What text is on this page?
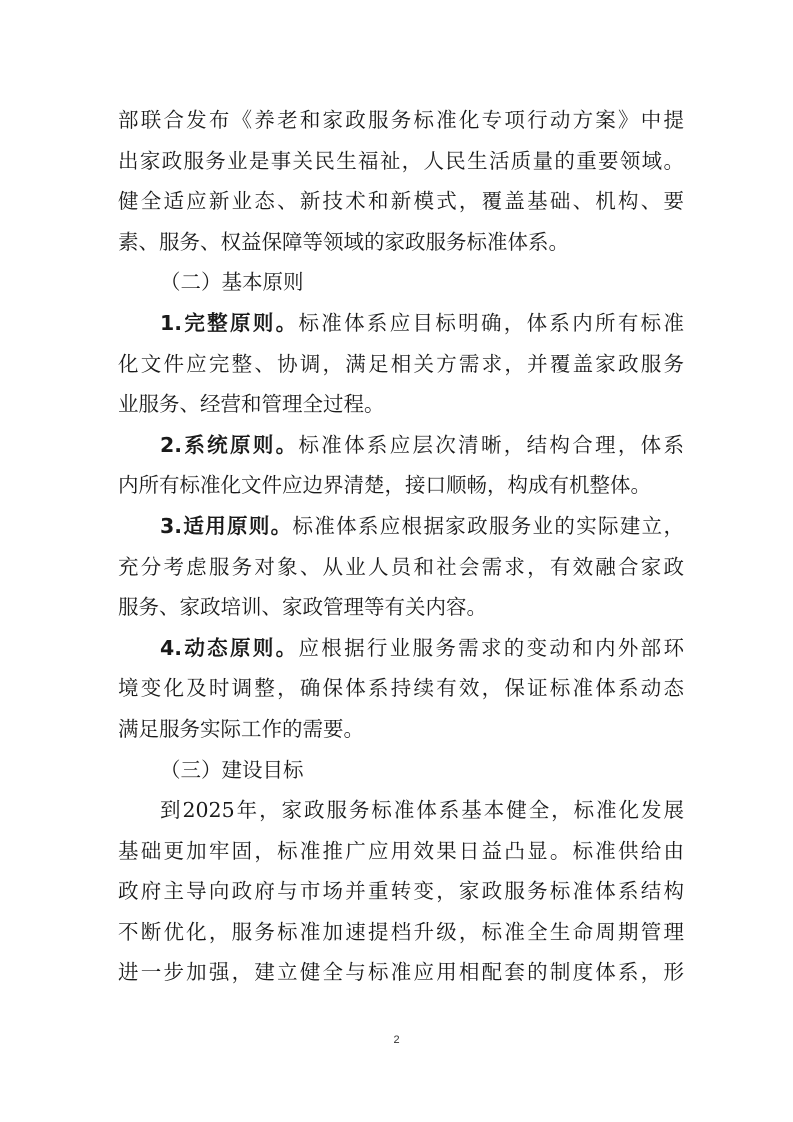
部联合发布《养老和家政服务标准化专项行动方案》中提
出家政服务业是事关民生福祉，人民生活质量的重要领域。
健全适应新业态、新技术和新模式，覆盖基础、机构、要
素、服务、权益保障等领域的家政服务标准体系。
（二）基本原则
1.完整原则。标准体系应目标明确，体系内所有标准
化文件应完整、协调，满足相关方需求，并覆盖家政服务
业服务、经营和管理全过程。
2.系统原则。标准体系应层次清晰，结构合理，体系
内所有标准化文件应边界清楚，接口顺畅，构成有机整体。
3.适用原则。标准体系应根据家政服务业的实际建立，
充分考虑服务对象、从业人员和社会需求，有效融合家政
服务、家政培训、家政管理等有关内容。
4.动态原则。应根据行业服务需求的变动和内外部环
境变化及时调整，确保体系持续有效，保证标准体系动态
满足服务实际工作的需要。
（三）建设目标
到2025年，家政服务标准体系基本健全，标准化发展
基础更加牢固，标准推广应用效果日益凸显。标准供给由
政府主导向政府与市场并重转变，家政服务标准体系结构
不断优化，服务标准加速提档升级，标准全生命周期管理
进一步加强，建立健全与标准应用相配套的制度体系，形
2
